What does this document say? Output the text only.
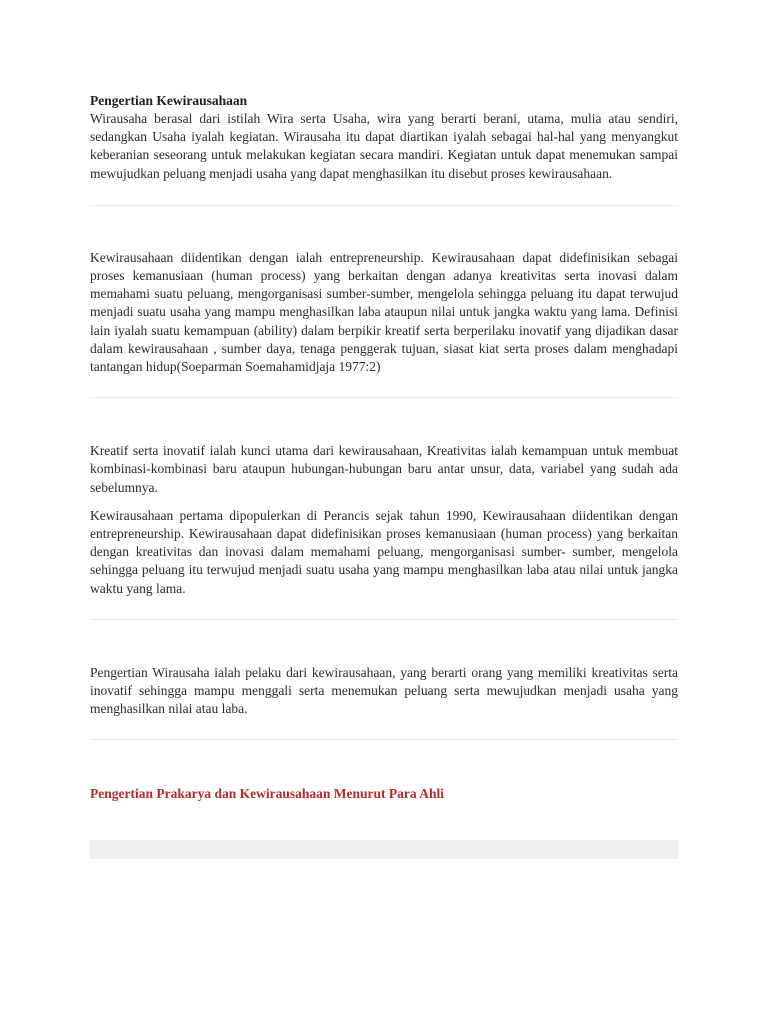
Pengertian Kewirausahaan

Wirausaha berasal dari istilah Wira serta Usaha, wira yang berarti berani, utama, mulia atau sendiri, sedangkan Usaha iyalah kegiatan. Wirausaha itu dapat diartikan iyalah sebagai hal-hal yang menyangkut keberanian seseorang untuk melakukan kegiatan secara mandiri. Kegiatan untuk dapat menemukan sampai mewujudkan peluang menjadi usaha yang dapat menghasilkan itu disebut proses kewirausahaan.

Kewirausahaan diidentikan dengan ialah entrepreneurship. Kewirausahaan dapat didefinisikan sebagai proses kemanusiaan (human process) yang berkaitan dengan adanya kreativitas serta inovasi dalam memahami suatu peluang, mengorganisasi sumber-sumber, mengelola sehingga peluang itu dapat terwujud menjadi suatu usaha yang mampu menghasilkan laba ataupun nilai untuk jangka waktu yang lama. Definisi lain iyalah suatu kemampuan (ability) dalam berpikir kreatif serta berperilaku inovatif yang dijadikan dasar dalam kewirausahaan , sumber daya, tenaga penggerak tujuan, siasat kiat serta proses dalam menghadapi tantangan hidup(Soeparman Soemahamidjaja 1977:2)

Kreatif serta inovatif ialah kunci utama dari kewirausahaan, Kreativitas ialah kemampuan untuk membuat kombinasi-kombinasi baru ataupun hubungan-hubungan baru antar unsur, data, variabel yang sudah ada sebelumnya.

Kewirausahaan pertama dipopulerkan di Perancis sejak tahun 1990, Kewirausahaan diidentikan dengan entrepreneurship. Kewirausahaan dapat didefinisikan proses kemanusiaan (human process) yang berkaitan dengan kreativitas dan inovasi dalam memahami peluang, mengorganisasi sumber- sumber, mengelola sehingga peluang itu terwujud menjadi suatu usaha yang mampu menghasilkan laba atau nilai untuk jangka waktu yang lama.

Pengertian Wirausaha ialah pelaku dari kewirausahaan, yang berarti orang yang memiliki kreativitas serta inovatif sehingga mampu menggali serta menemukan peluang serta mewujudkan menjadi usaha yang menghasilkan nilai atau laba.

Pengertian Prakarya dan Kewirausahaan Menurut Para Ahli
